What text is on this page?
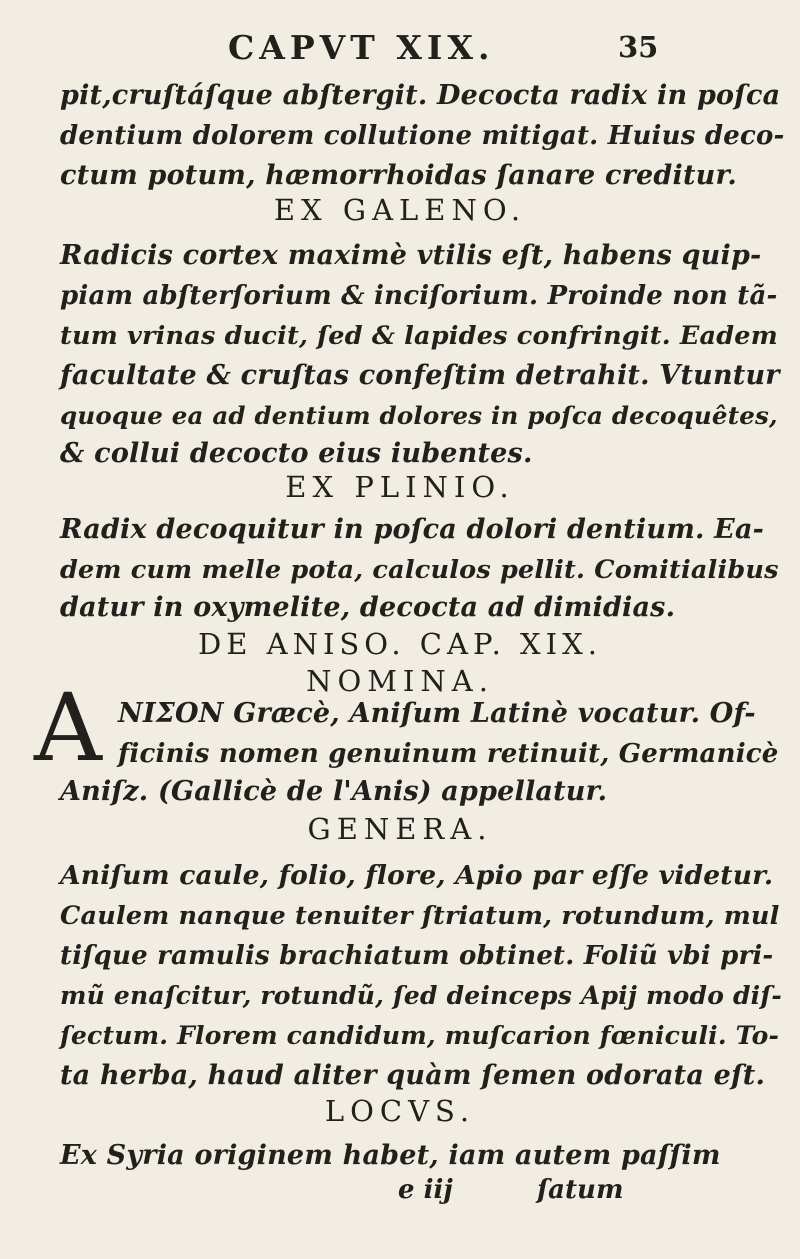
CAPVT XIX.	35
pit,cruſtáſque abſtergit. Decocta radix in poſca
dentium dolorem collutione mitigat. Huius deco-
ctum potum, hæmorrhoidas ſanare creditur.
EX GALENO.
Radicis cortex maximè vtilis eſt, habens quip-
piam abſterſorium & inciſorium. Proinde non tã-
tum vrinas ducit, ſed & lapides confringit. Eadem
facultate & cruſtas confeſtim detrahit. Vtuntur
quoque ea ad dentium dolores in poſca decoquêtes,
& collui decocto eius iubentes.
EX PLINIO.
Radix decoquitur in poſca dolori dentium. Ea-
dem cum melle pota, calculos pellit. Comitialibus
datur in oxymelite, decocta ad dimidias.
DE ANISO. CAP. XIX.
NOMINA.
A ΝΙΣΟΝ Græcè, Aniſum Latinè vocatur. Of-
ficinis nomen genuinum retinuit, Germanicè
Aniſz. (Gallicè de l'Anis) appellatur.
GENERA.
Aniſum caule, folio, flore, Apio par eſſe videtur.
Caulem nanque tenuiter ſtriatum, rotundum, mul
tiſque ramulis brachiatum obtinet. Foliũ vbi pri-
mũ enaſcitur, rotundũ, ſed deinceps Apij modo diſ-
ſectum. Florem candidum, muſcarion fœniculi. To-
ta herba, haud aliter quàm ſemen odorata eſt.
LOCVS.
Ex Syria originem habet, iam autem paſſim
e iij	ſatum
